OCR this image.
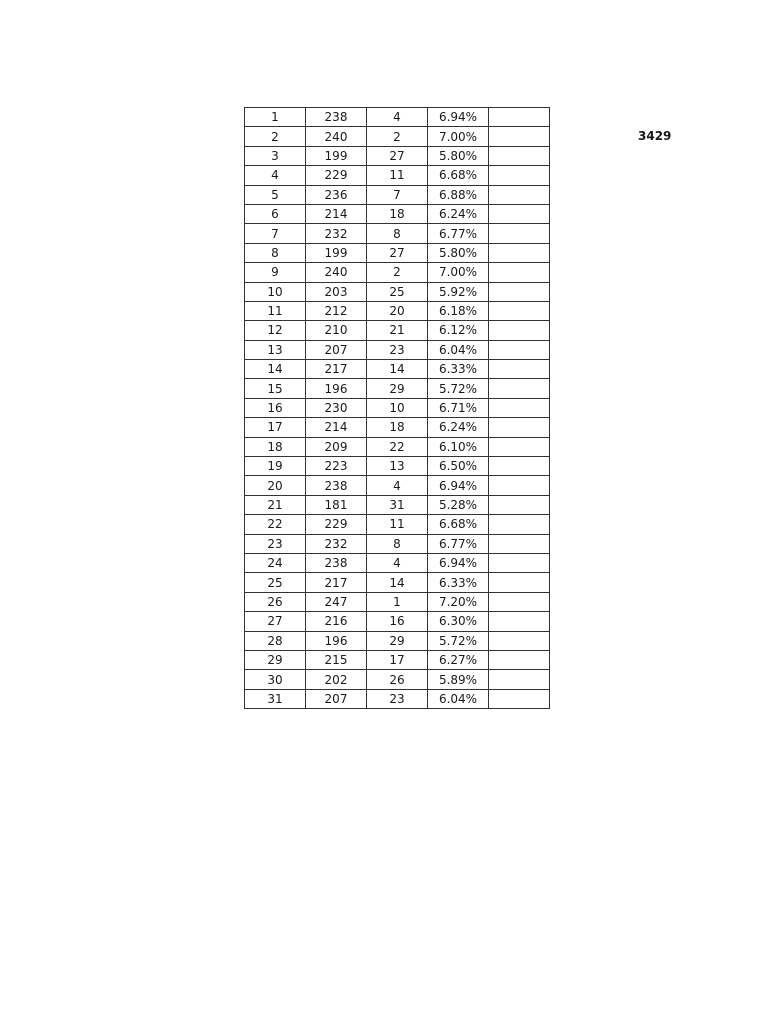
1	238	4	6.94%	
2	240	2	7.00%	
3	199	27	5.80%	
4	229	11	6.68%	
5	236	7	6.88%	
6	214	18	6.24%	
7	232	8	6.77%	
8	199	27	5.80%	
9	240	2	7.00%	
10	203	25	5.92%	
11	212	20	6.18%	
12	210	21	6.12%	
13	207	23	6.04%	
14	217	14	6.33%	
15	196	29	5.72%	
16	230	10	6.71%	
17	214	18	6.24%	
18	209	22	6.10%	
19	223	13	6.50%	
20	238	4	6.94%	
21	181	31	5.28%	
22	229	11	6.68%	
23	232	8	6.77%	
24	238	4	6.94%	
25	217	14	6.33%	
26	247	1	7.20%	
27	216	16	6.30%	
28	196	29	5.72%	
29	215	17	6.27%	
30	202	26	5.89%	
31	207	23	6.04%	
3429
